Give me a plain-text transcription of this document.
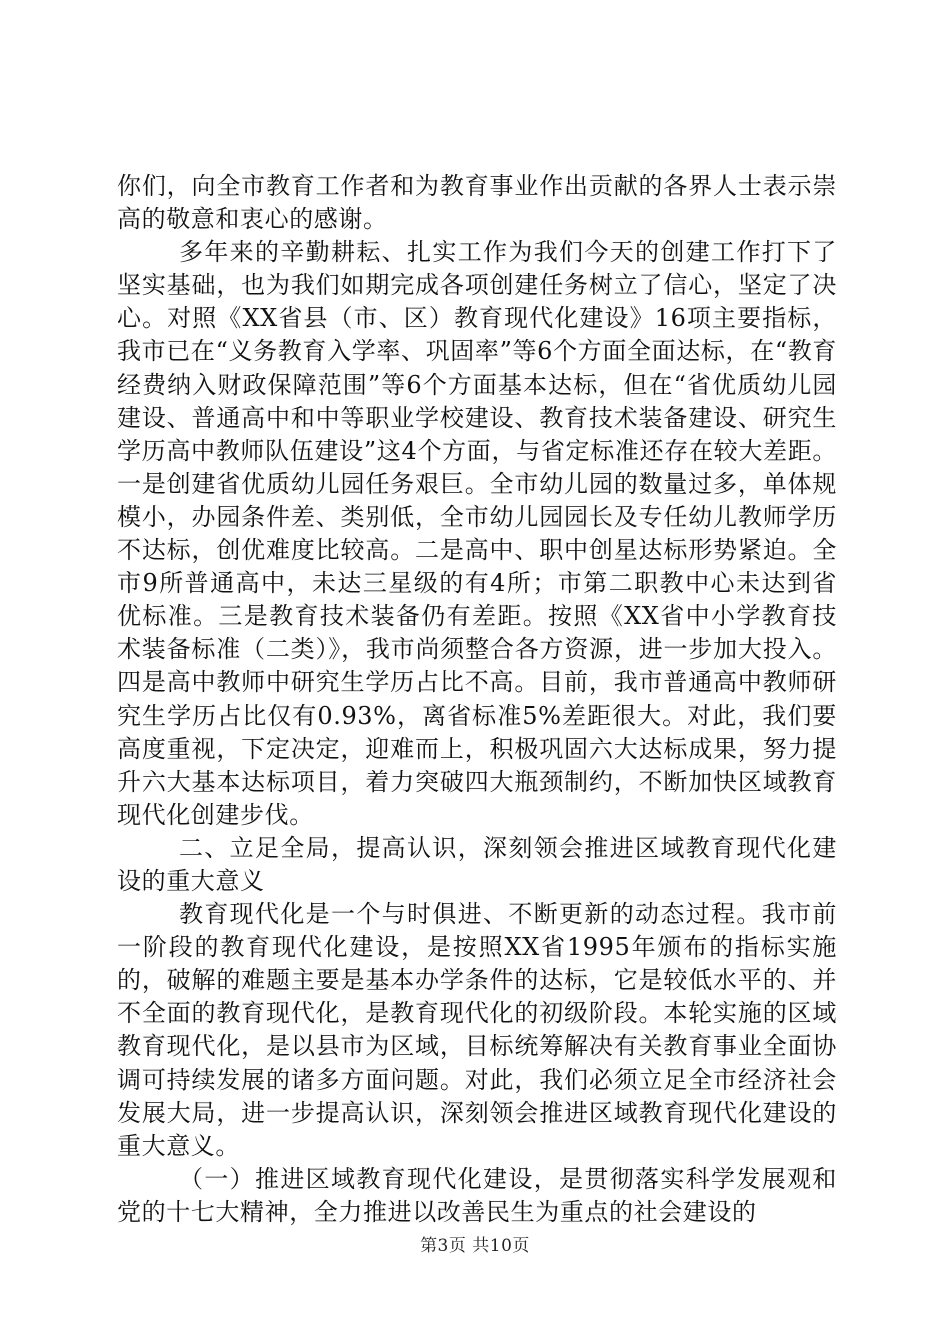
你们，向全市教育工作者和为教育事业作出贡献的各界人士表示崇高的敬意和衷心的感谢。

多年来的辛勤耕耘、扎实工作为我们今天的创建工作打下了坚实基础，也为我们如期完成各项创建任务树立了信心，坚定了决心。对照《XX省县（市、区）教育现代化建设》16项主要指标，我市已在“义务教育入学率、巩固率”等6个方面全面达标，在“教育经费纳入财政保障范围”等6个方面基本达标，但在“省优质幼儿园建设、普通高中和中等职业学校建设、教育技术装备建设、研究生学历高中教师队伍建设”这4个方面，与省定标准还存在较大差距。一是创建省优质幼儿园任务艰巨。全市幼儿园的数量过多，单体规模小，办园条件差、类别低，全市幼儿园园长及专任幼儿教师学历不达标，创优难度比较高。二是高中、职中创星达标形势紧迫。全市9所普通高中，未达三星级的有4所；市第二职教中心未达到省优标准。三是教育技术装备仍有差距。按照《XX省中小学教育技术装备标准（二类）》，我市尚须整合各方资源，进一步加大投入。四是高中教师中研究生学历占比不高。目前，我市普通高中教师研究生学历占比仅有0.93%，离省标准5%差距很大。对此，我们要高度重视，下定决定，迎难而上，积极巩固六大达标成果，努力提升六大基本达标项目，着力突破四大瓶颈制约，不断加快区域教育现代化创建步伐。

二、立足全局，提高认识，深刻领会推进区域教育现代化建设的重大意义

教育现代化是一个与时俱进、不断更新的动态过程。我市前一阶段的教育现代化建设，是按照XX省1995年颁布的指标实施的，破解的难题主要是基本办学条件的达标，它是较低水平的、并不全面的教育现代化，是教育现代化的初级阶段。本轮实施的区域教育现代化，是以县市为区域，目标统筹解决有关教育事业全面协调可持续发展的诸多方面问题。对此，我们必须立足全市经济社会发展大局，进一步提高认识，深刻领会推进区域教育现代化建设的重大意义。

（一）推进区域教育现代化建设，是贯彻落实科学发展观和党的十七大精神，全力推进以改善民生为重点的社会建设的

第3页 共10页
